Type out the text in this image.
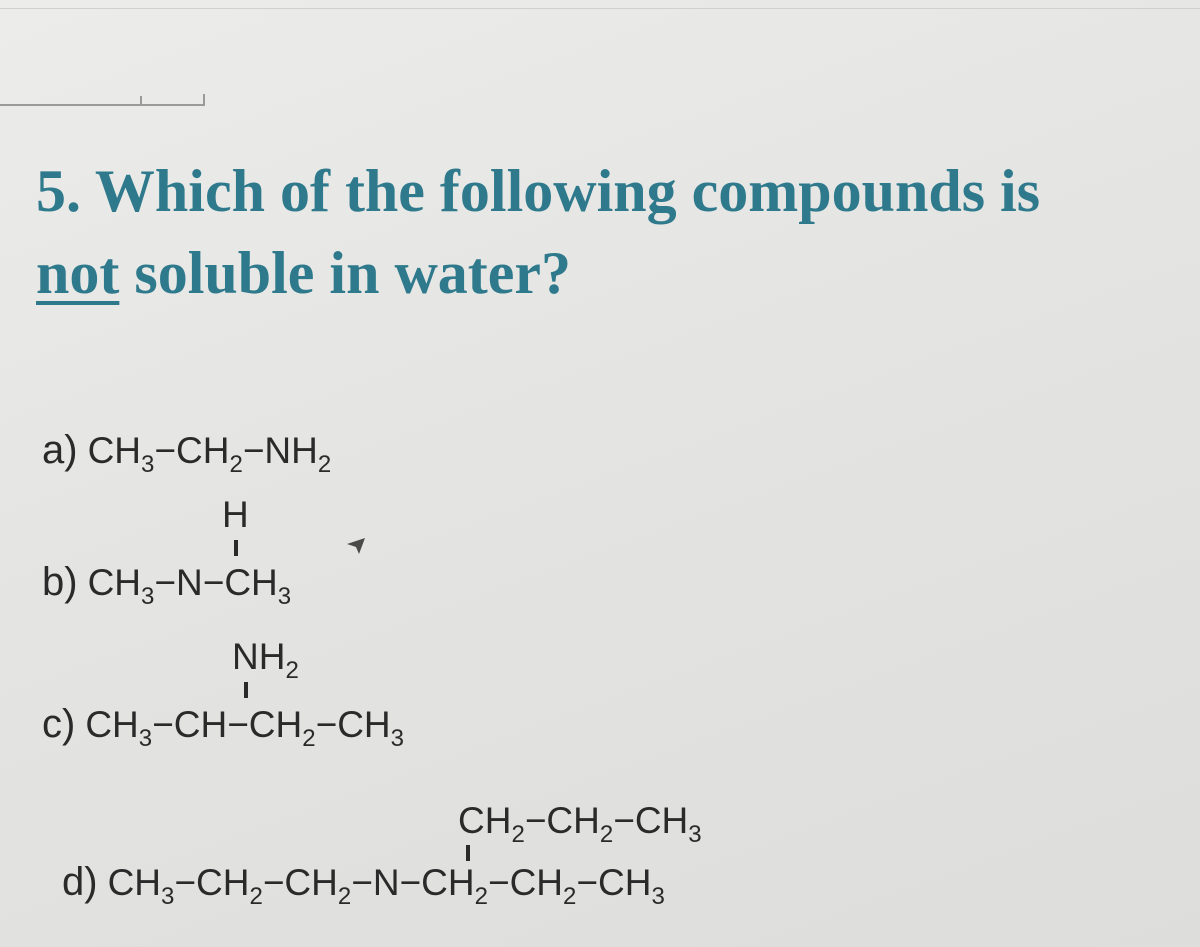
5. Which of the following compounds is
not soluble in water?
a) $CH_3-CH_2-NH_2$
H
b) $CH_3-N-CH_3$
$NH_2$
c) $CH_3-CH-CH_2-CH_3$
$CH_2-CH_2-CH_3$
d) $CH_3-CH_2-CH_2-N-CH_2-CH_2-CH_3$
